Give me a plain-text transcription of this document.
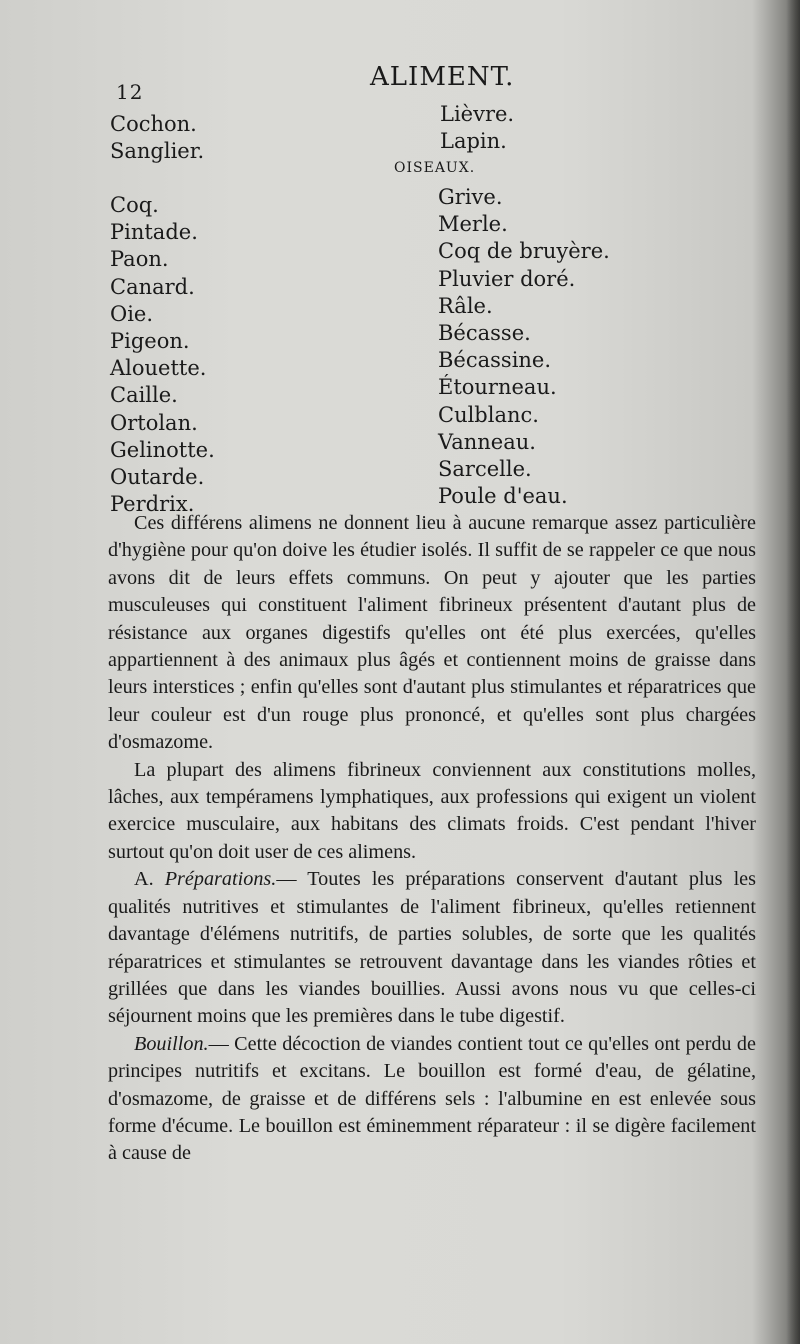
12	ALIMENT.
Cochon.
Sanglier.
Lièvre.
Lapin.
OISEAUX.
Coq.
Pintade.
Paon.
Canard.
Oie.
Pigeon.
Alouette.
Caille.
Ortolan.
Gelinotte.
Outarde.
Perdrix.
Grive.
Merle.
Coq de bruyère.
Pluvier doré.
Râle.
Bécasse.
Bécassine.
Étourneau.
Culblanc.
Vanneau.
Sarcelle.
Poule d'eau.

Ces différens alimens ne donnent lieu à aucune remarque assez particulière d'hygiène pour qu'on doive les étudier isolés. Il suffit de se rappeler ce que nous avons dit de leurs effets communs. On peut y ajouter que les parties musculeuses qui constituent l'aliment fibrineux présentent d'autant plus de résistance aux organes digestifs qu'elles ont été plus exercées, qu'elles appartiennent à des animaux plus âgés et contiennent moins de graisse dans leurs interstices ; enfin qu'elles sont d'autant plus stimulantes et réparatrices que leur couleur est d'un rouge plus prononcé, et qu'elles sont plus chargées d'osmazome.

La plupart des alimens fibrineux conviennent aux constitutions molles, lâches, aux tempéramens lymphatiques, aux professions qui exigent un violent exercice musculaire, aux habitans des climats froids. C'est pendant l'hiver surtout qu'on doit user de ces alimens.

A. Préparations.— Toutes les préparations conservent d'autant plus les qualités nutritives et stimulantes de l'aliment fibrineux, qu'elles retiennent davantage d'élémens nutritifs, de parties solubles, de sorte que les qualités réparatrices et stimulantes se retrouvent davantage dans les viandes rôties et grillées que dans les viandes bouillies. Aussi avons nous vu que celles-ci séjournent moins que les premières dans le tube digestif.

Bouillon.— Cette décoction de viandes contient tout ce qu'elles ont perdu de principes nutritifs et excitans. Le bouillon est formé d'eau, de gélatine, d'osmazome, de graisse et de différens sels : l'albumine en est enlevée sous forme d'écume. Le bouillon est éminemment réparateur : il se digère facilement à cause de
